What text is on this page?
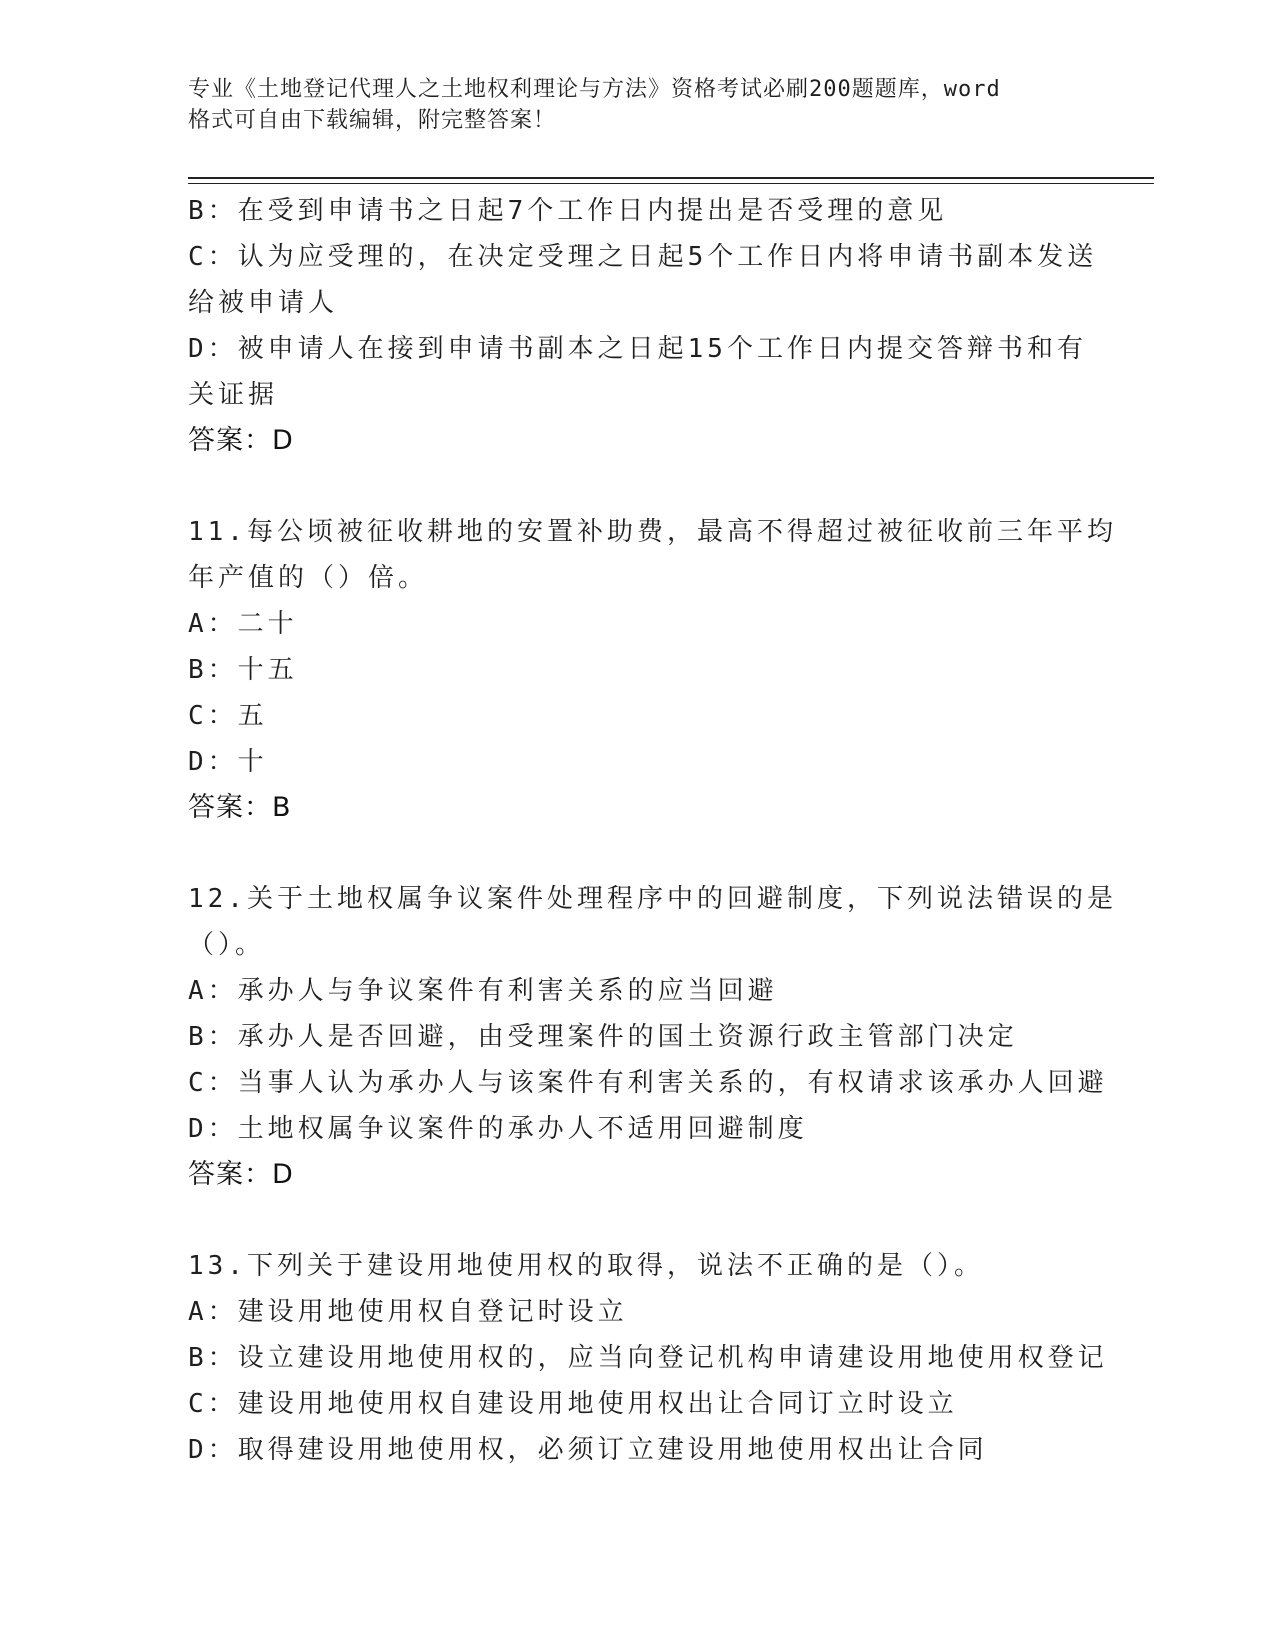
专业《土地登记代理人之土地权利理论与方法》资格考试必刷200题题库，word
格式可自由下载编辑，附完整答案！
B：在受到申请书之日起7个工作日内提出是否受理的意见
C：认为应受理的，在决定受理之日起5个工作日内将申请书副本发送
给被申请人
D：被申请人在接到申请书副本之日起15个工作日内提交答辩书和有
关证据
答案：D
11.每公顷被征收耕地的安置补助费，最高不得超过被征收前三年平均
年产值的（）倍。
A：二十
B：十五
C：五
D：十
答案：B
12.关于土地权属争议案件处理程序中的回避制度，下列说法错误的是
（）。
A：承办人与争议案件有利害关系的应当回避
B：承办人是否回避，由受理案件的国土资源行政主管部门决定
C：当事人认为承办人与该案件有利害关系的，有权请求该承办人回避
D：土地权属争议案件的承办人不适用回避制度
答案：D
13.下列关于建设用地使用权的取得，说法不正确的是（）。
A：建设用地使用权自登记时设立
B：设立建设用地使用权的，应当向登记机构申请建设用地使用权登记
C：建设用地使用权自建设用地使用权出让合同订立时设立
D：取得建设用地使用权，必须订立建设用地使用权出让合同
